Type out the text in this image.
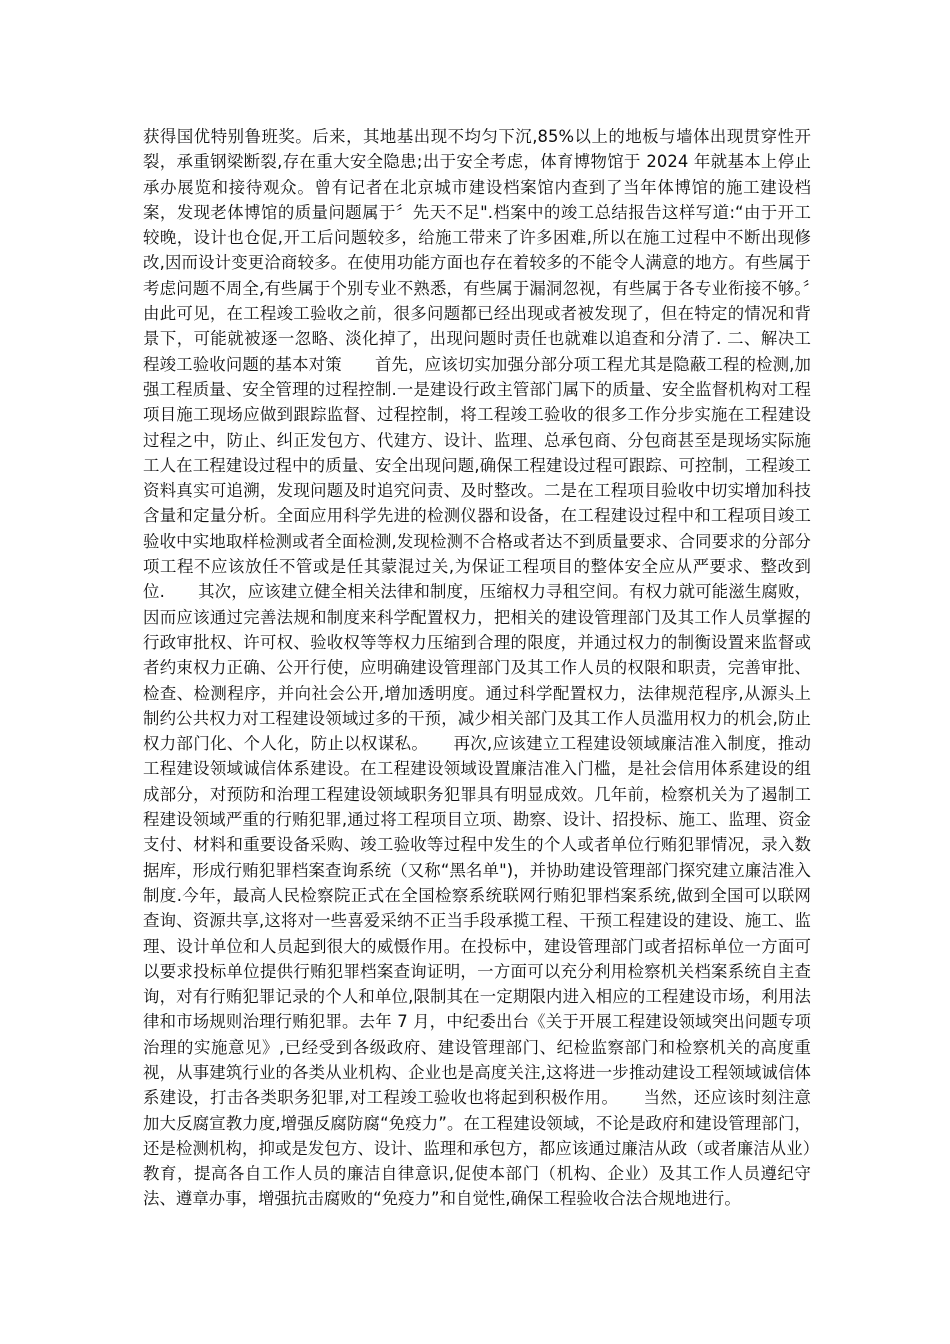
获得国优特别鲁班奖。后来，其地基出现不均匀下沉,85%以上的地板与墙体出现贯穿性开裂，承重钢梁断裂,存在重大安全隐患;出于安全考虑，体育博物馆于 2024 年就基本上停止承办展览和接待观众。曾有记者在北京城市建设档案馆内查到了当年体博馆的施工建设档案，发现老体博馆的质量问题属于〞先天不足".档案中的竣工总结报告这样写道:“由于开工较晚，设计也仓促,开工后问题较多，给施工带来了许多困难,所以在施工过程中不断出现修改,因而设计变更洽商较多。在使用功能方面也存在着较多的不能令人满意的地方。有些属于考虑问题不周全,有些属于个别专业不熟悉，有些属于漏洞忽视，有些属于各专业衔接不够。〞由此可见，在工程竣工验收之前，很多问题都已经出现或者被发现了，但在特定的情况和背景下，可能就被逐一忽略、淡化掉了，出现问题时责任也就难以追查和分清了. 二、解决工程竣工验收问题的基本对策　　首先，应该切实加强分部分项工程尤其是隐蔽工程的检测,加强工程质量、安全管理的过程控制.一是建设行政主管部门属下的质量、安全监督机构对工程项目施工现场应做到跟踪监督、过程控制，将工程竣工验收的很多工作分步实施在工程建设过程之中，防止、纠正发包方、代建方、设计、监理、总承包商、分包商甚至是现场实际施工人在工程建设过程中的质量、安全出现问题,确保工程建设过程可跟踪、可控制，工程竣工资料真实可追溯，发现问题及时追究问责、及时整改。二是在工程项目验收中切实增加科技含量和定量分析。全面应用科学先进的检测仪器和设备，在工程建设过程中和工程项目竣工验收中实地取样检测或者全面检测,发现检测不合格或者达不到质量要求、合同要求的分部分项工程不应该放任不管或是任其蒙混过关,为保证工程项目的整体安全应从严要求、整改到位.　　其次，应该建立健全相关法律和制度，压缩权力寻租空间。有权力就可能滋生腐败，因而应该通过完善法规和制度来科学配置权力，把相关的建设管理部门及其工作人员掌握的行政审批权、许可权、验收权等等权力压缩到合理的限度，并通过权力的制衡设置来监督或者约束权力正确、公开行使，应明确建设管理部门及其工作人员的权限和职责，完善审批、检查、检测程序，并向社会公开,增加透明度。通过科学配置权力，法律规范程序,从源头上制约公共权力对工程建设领域过多的干预，减少相关部门及其工作人员滥用权力的机会,防止权力部门化、个人化，防止以权谋私。　　再次,应该建立工程建设领域廉洁准入制度，推动工程建设领域诚信体系建设。在工程建设领域设置廉洁准入门槛，是社会信用体系建设的组成部分，对预防和治理工程建设领域职务犯罪具有明显成效。几年前，检察机关为了遏制工程建设领域严重的行贿犯罪,通过将工程项目立项、勘察、设计、招投标、施工、监理、资金支付、材料和重要设备采购、竣工验收等过程中发生的个人或者单位行贿犯罪情况，录入数据库，形成行贿犯罪档案查询系统（又称“黑名单")，并协助建设管理部门探究建立廉洁准入制度.今年，最高人民检察院正式在全国检察系统联网行贿犯罪档案系统,做到全国可以联网查询、资源共享,这将对一些喜爱采纳不正当手段承揽工程、干预工程建设的建设、施工、监理、设计单位和人员起到很大的威慑作用。在投标中，建设管理部门或者招标单位一方面可以要求投标单位提供行贿犯罪档案查询证明，一方面可以充分利用检察机关档案系统自主查询，对有行贿犯罪记录的个人和单位,限制其在一定期限内进入相应的工程建设市场，利用法律和市场规则治理行贿犯罪。去年 7 月，中纪委出台《关于开展工程建设领域突出问题专项治理的实施意见》,已经受到各级政府、建设管理部门、纪检监察部门和检察机关的高度重视，从事建筑行业的各类从业机构、企业也是高度关注,这将进一步推动建设工程领域诚信体系建设，打击各类职务犯罪,对工程竣工验收也将起到积极作用。　　当然，还应该时刻注意加大反腐宣教力度,增强反腐防腐“免疫力”。在工程建设领域，不论是政府和建设管理部门，还是检测机构，抑或是发包方、设计、监理和承包方，都应该通过廉洁从政（或者廉洁从业）教育，提高各自工作人员的廉洁自律意识,促使本部门（机构、企业）及其工作人员遵纪守法、遵章办事，增强抗击腐败的“免疫力”和自觉性,确保工程验收合法合规地进行。
